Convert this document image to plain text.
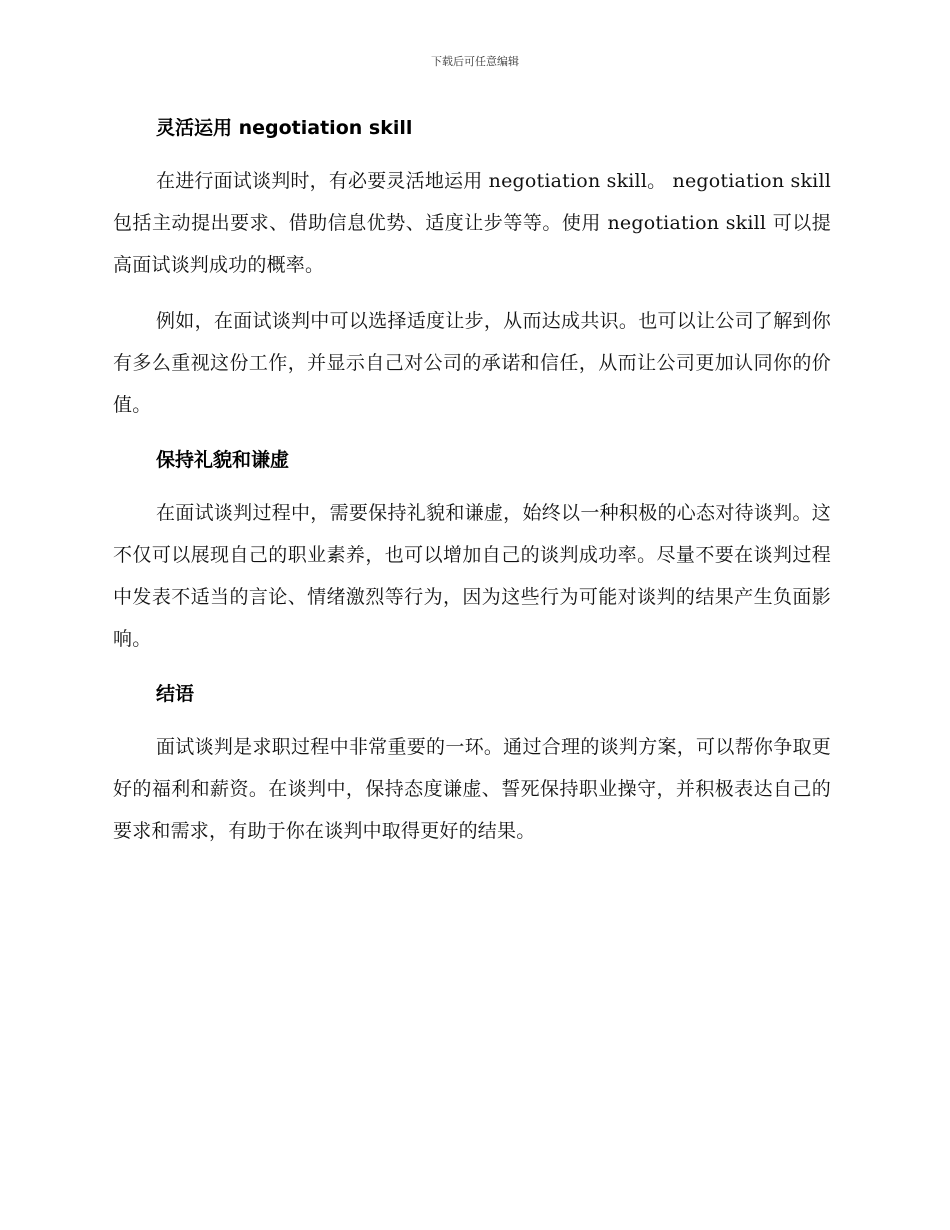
下载后可任意编辑
灵活运用 negotiation skill

在进行面试谈判时，有必要灵活地运用 negotiation skill。 negotiation skill 包括主动提出要求、借助信息优势、适度让步等等。使用 negotiation skill 可以提高面试谈判成功的概率。

例如，在面试谈判中可以选择适度让步，从而达成共识。也可以让公司了解到你有多么重视这份工作，并显示自己对公司的承诺和信任，从而让公司更加认同你的价值。

保持礼貌和谦虚

在面试谈判过程中，需要保持礼貌和谦虚，始终以一种积极的心态对待谈判。这不仅可以展现自己的职业素养，也可以增加自己的谈判成功率。尽量不要在谈判过程中发表不适当的言论、情绪激烈等行为，因为这些行为可能对谈判的结果产生负面影响。

结语

面试谈判是求职过程中非常重要的一环。通过合理的谈判方案，可以帮你争取更好的福利和薪资。在谈判中，保持态度谦虚、誓死保持职业操守，并积极表达自己的要求和需求，有助于你在谈判中取得更好的结果。
